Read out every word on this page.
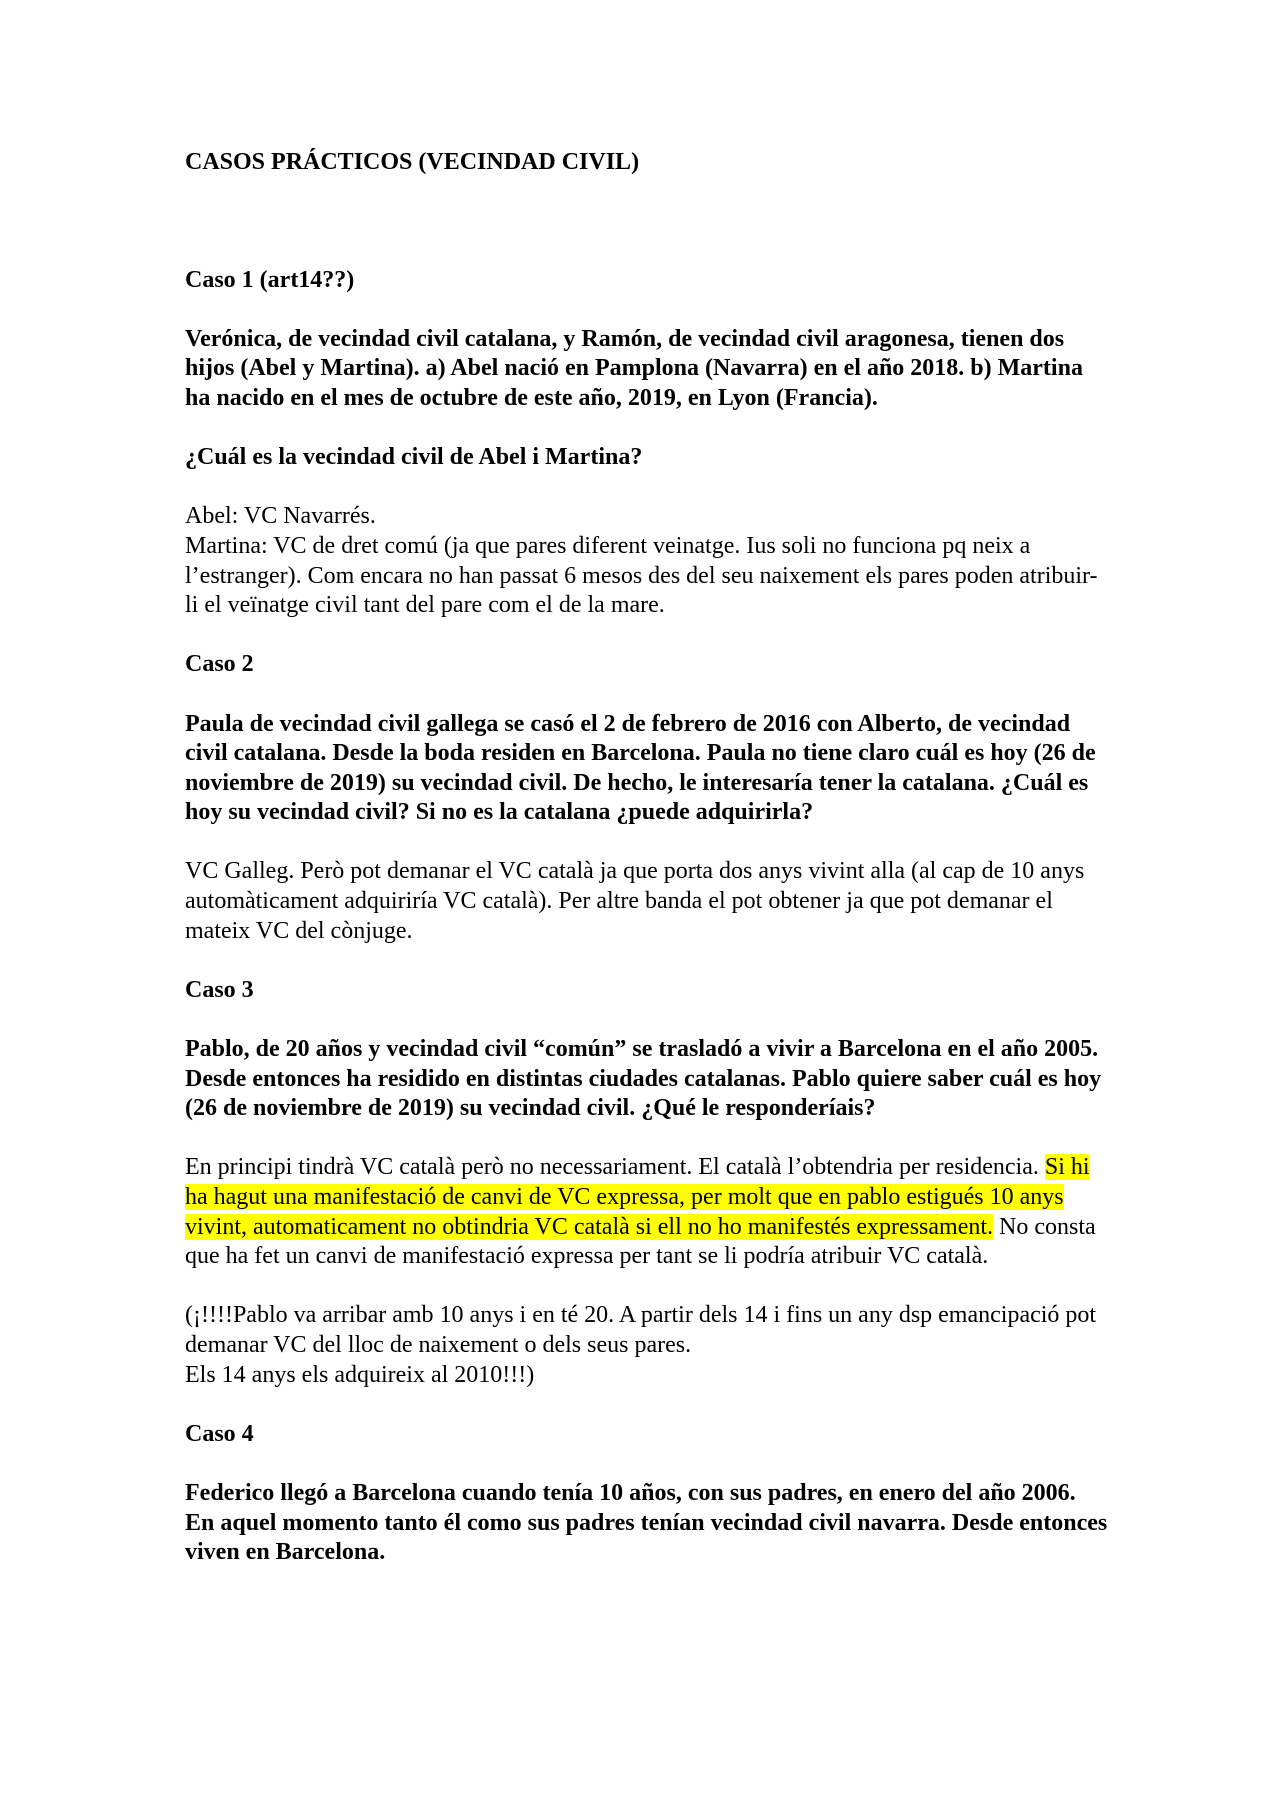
CASOS PRÁCTICOS (VECINDAD CIVIL)

Caso 1 (art14??)

Verónica, de vecindad civil catalana, y Ramón, de vecindad civil aragonesa, tienen dos hijos (Abel y Martina). a) Abel nació en Pamplona (Navarra) en el año 2018. b) Martina ha nacido en el mes de octubre de este año, 2019, en Lyon (Francia).

¿Cuál es la vecindad civil de Abel i Martina?

Abel: VC Navarrés.
Martina: VC de dret comú (ja que pares diferent veinatge. Ius soli no funciona pq neix a l’estranger). Com encara no han passat 6 mesos des del seu naixement els pares poden atribuir-li el veïnatge civil tant del pare com el de la mare.

Caso 2

Paula de vecindad civil gallega se casó el 2 de febrero de 2016 con Alberto, de vecindad civil catalana. Desde la boda residen en Barcelona. Paula no tiene claro cuál es hoy (26 de noviembre de 2019) su vecindad civil. De hecho, le interesaría tener la catalana. ¿Cuál es hoy su vecindad civil? Si no es la catalana ¿puede adquirirla?

VC Galleg. Però pot demanar el VC català ja que porta dos anys vivint alla (al cap de 10 anys automàticament adquiriría VC català). Per altre banda el pot obtener ja que pot demanar el mateix VC del cònjuge.

Caso 3

Pablo, de 20 años y vecindad civil “común” se trasladó a vivir a Barcelona en el año 2005. Desde entonces ha residido en distintas ciudades catalanas. Pablo quiere saber cuál es hoy (26 de noviembre de 2019) su vecindad civil. ¿Qué le responderíais?

En principi tindrà VC català però no necessariament. El català l’obtendria per residencia. Si hi ha hagut una manifestació de canvi de VC expressa, per molt que en pablo estigués 10 anys vivint, automaticament no obtindria VC català si ell no ho manifestés expressament. No consta que ha fet un canvi de manifestació expressa per tant se li podría atribuir VC català.

(¡!!!!Pablo va arribar amb 10 anys i en té 20. A partir dels 14 i fins un any dsp emancipació pot demanar VC del lloc de naixement o dels seus pares.
Els 14 anys els adquireix al 2010!!!)

Caso 4

Federico llegó a Barcelona cuando tenía 10 años, con sus padres, en enero del año 2006. En aquel momento tanto él como sus padres tenían vecindad civil navarra. Desde entonces viven en Barcelona.
